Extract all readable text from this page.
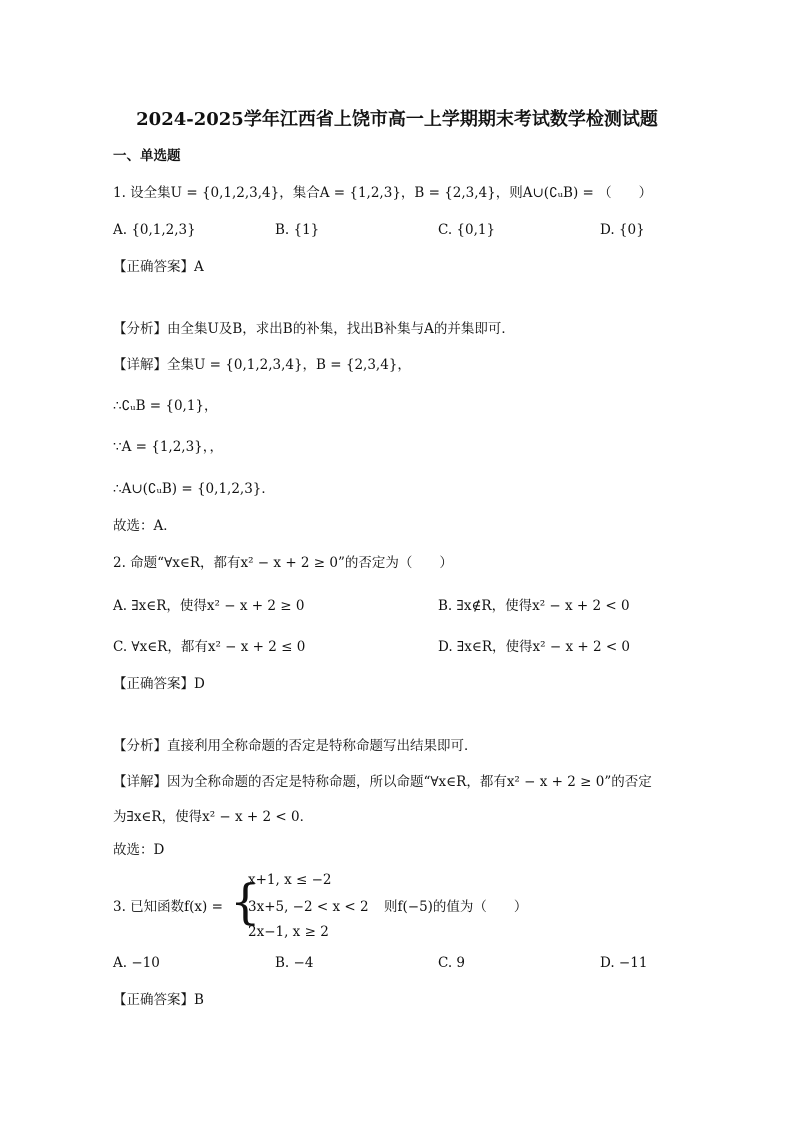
2024-2025学年江西省上饶市高一上学期期末考试数学检测试题
一、单选题
1. 设全集U = {0,1,2,3,4}，集合A = {1,2,3}，B = {2,3,4}，则A∪(∁ᵤB) = （　　）
A. {0,1,2,3}	B. {1}	C. {0,1}	D. {0}
【正确答案】A
【分析】由全集U及B，求出B的补集，找出B补集与A的并集即可．
【详解】全集U = {0,1,2,3,4}，B = {2,3,4}，
∴∁ᵤB = {0,1}，
∵A = {1,2,3}，，
∴A∪(∁ᵤB) = {0,1,2,3}．
故选：A．
2. 命题“∀x∈R，都有x² − x + 2 ≥ 0”的否定为（　　）
A. ∃x∈R，使得x² − x + 2 ≥ 0	B. ∃x∉R，使得x² − x + 2 < 0
C. ∀x∈R，都有x² − x + 2 ≤ 0	D. ∃x∈R，使得x² − x + 2 < 0
【正确答案】D
【分析】直接利用全称命题的否定是特称命题写出结果即可．
【详解】因为全称命题的否定是特称命题，所以命题“∀x∈R，都有x² − x + 2 ≥ 0”的否定
为∃x∈R，使得x² − x + 2 < 0．
故选：D
3. 已知函数f(x) = {
x+1, x ≤ −2
3x+5, −2 < x < 2
2x−1, x ≥ 2
则f(−5)的值为（　　）
A. −10	B. −4	C. 9	D. −11
【正确答案】B
